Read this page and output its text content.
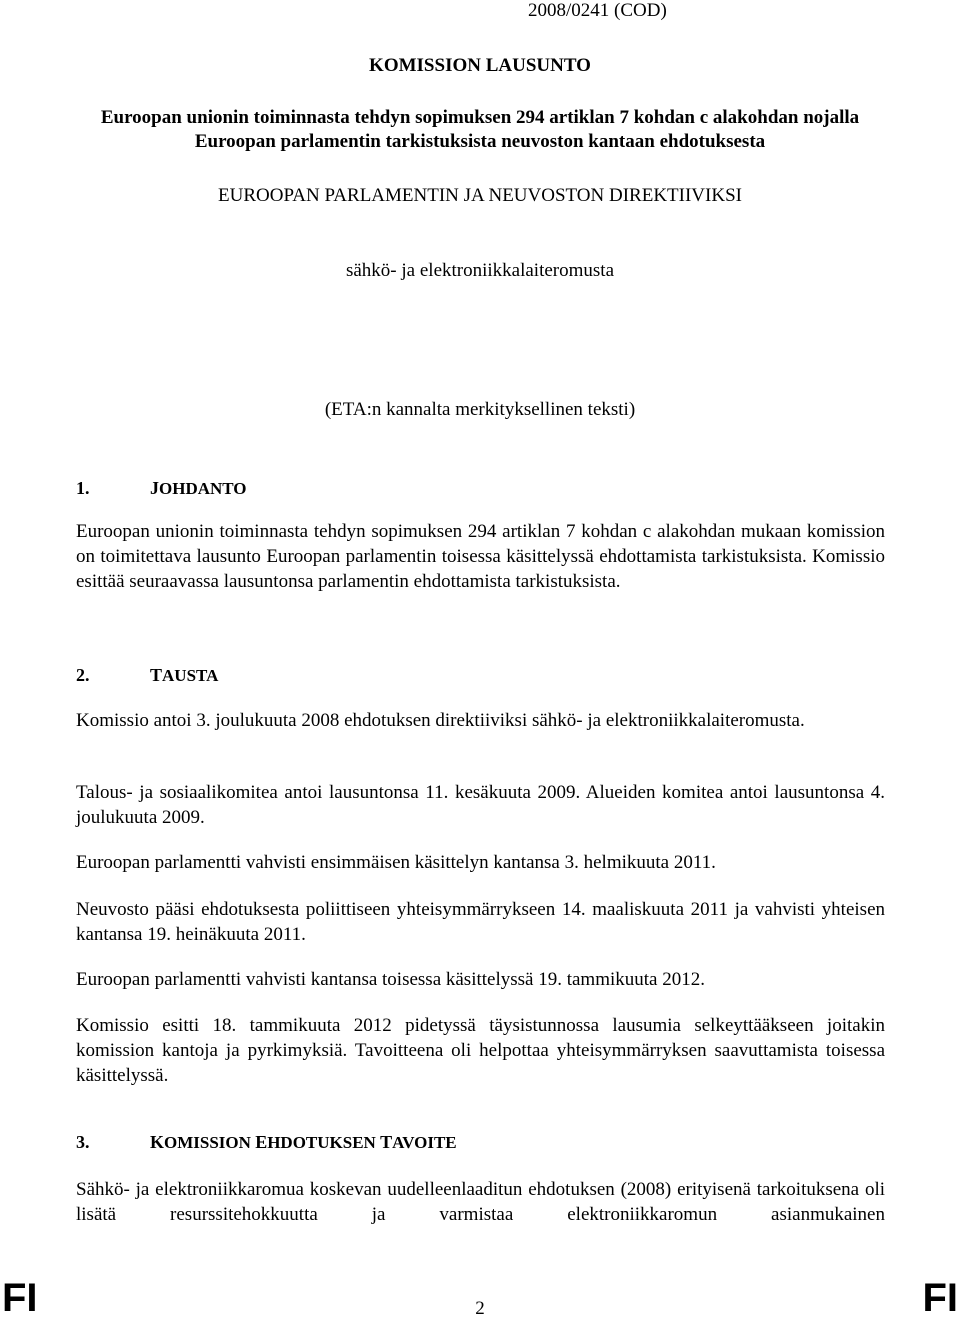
2008/0241 (COD)
KOMISSION LAUSUNTO
Euroopan unionin toiminnasta tehdyn sopimuksen 294 artiklan 7 kohdan c alakohdan nojalla Euroopan parlamentin tarkistuksista neuvoston kantaan ehdotuksesta
EUROOPAN PARLAMENTIN JA NEUVOSTON DIREKTIIVIKSI
sähkö- ja elektroniikkalaiteromusta
(ETA:n kannalta merkityksellinen teksti)
1.	JOHDANTO

Euroopan unionin toiminnasta tehdyn sopimuksen 294 artiklan 7 kohdan c alakohdan mukaan komission on toimitettava lausunto Euroopan parlamentin toisessa käsittelyssä ehdottamista tarkistuksista. Komissio esittää seuraavassa lausuntonsa parlamentin ehdottamista tarkistuksista.

2.	TAUSTA

Komissio antoi 3. joulukuuta 2008 ehdotuksen direktiiviksi sähkö- ja elektroniikkalaiteromusta.

Talous- ja sosiaalikomitea antoi lausuntonsa 11. kesäkuuta 2009. Alueiden komitea antoi lausuntonsa 4. joulukuuta 2009.

Euroopan parlamentti vahvisti ensimmäisen käsittelyn kantansa 3. helmikuuta 2011.

Neuvosto pääsi ehdotuksesta poliittiseen yhteisymmärrykseen 14. maaliskuuta 2011 ja vahvisti yhteisen kantansa 19. heinäkuuta 2011.

Euroopan parlamentti vahvisti kantansa toisessa käsittelyssä 19. tammikuuta 2012.

Komissio esitti 18. tammikuuta 2012 pidetyssä täysistunnossa lausumia selkeyttääkseen joitakin komission kantoja ja pyrkimyksiä. Tavoitteena oli helpottaa yhteisymmärryksen saavuttamista toisessa käsittelyssä.

3.	KOMISSION EHDOTUKSEN TAVOITE

Sähkö- ja elektroniikkaromua koskevan uudelleenlaaditun ehdotuksen (2008) erityisenä tarkoituksena oli lisätä resurssitehokkuutta ja varmistaa elektroniikkaromun asianmukainen

FI	2	FI
